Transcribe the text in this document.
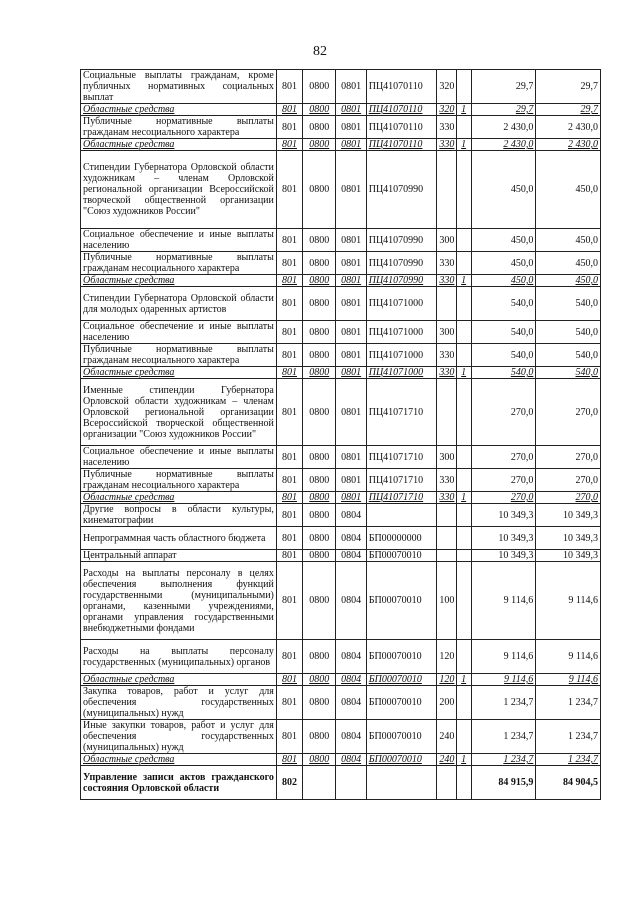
82
Социальные выплаты гражданам, кроме публичных нормативных социальных выплат	801	0800	0801	ПЦ41070110	320		29,7	29,7
Областные средства	801	0800	0801	ПЦ41070110	320	1	29,7	29,7
Публичные нормативные выплаты гражданам несоциального характера	801	0800	0801	ПЦ41070110	330		2 430,0	2 430,0
Областные средства	801	0800	0801	ПЦ41070110	330	1	2 430,0	2 430,0
Стипендии Губернатора Орловской области художникам – членам Орловской региональной организации Всероссийской творческой общественной организации "Союз художников России"	801	0800	0801	ПЦ41070990			450,0	450,0
Социальное обеспечение и иные выплаты населению	801	0800	0801	ПЦ41070990	300		450,0	450,0
Публичные нормативные выплаты гражданам несоциального характера	801	0800	0801	ПЦ41070990	330		450,0	450,0
Областные средства	801	0800	0801	ПЦ41070990	330	1	450,0	450,0
Стипендии Губернатора Орловской области для молодых одаренных артистов	801	0800	0801	ПЦ41071000			540,0	540,0
Социальное обеспечение и иные выплаты населению	801	0800	0801	ПЦ41071000	300		540,0	540,0
Публичные нормативные выплаты гражданам несоциального характера	801	0800	0801	ПЦ41071000	330		540,0	540,0
Областные средства	801	0800	0801	ПЦ41071000	330	1	540,0	540,0
Именные стипендии Губернатора Орловской области художникам – членам Орловской региональной организации Всероссийской творческой общественной организации "Союз художников России"	801	0800	0801	ПЦ41071710			270,0	270,0
Социальное обеспечение и иные выплаты населению	801	0800	0801	ПЦ41071710	300		270,0	270,0
Публичные нормативные выплаты гражданам несоциального характера	801	0800	0801	ПЦ41071710	330		270,0	270,0
Областные средства	801	0800	0801	ПЦ41071710	330	1	270,0	270,0
Другие вопросы в области культуры, кинематографии	801	0800	0804				10 349,3	10 349,3
Непрограммная часть областного бюджета	801	0800	0804	БП00000000			10 349,3	10 349,3
Центральный аппарат	801	0800	0804	БП00070010			10 349,3	10 349,3
Расходы на выплаты персоналу в целях обеспечения выполнения функций государственными (муниципальными) органами, казенными учреждениями, органами управления государственными внебюджетными фондами	801	0800	0804	БП00070010	100		9 114,6	9 114,6
Расходы на выплаты персоналу государственных (муниципальных) органов	801	0800	0804	БП00070010	120		9 114,6	9 114,6
Областные средства	801	0800	0804	БП00070010	120	1	9 114,6	9 114,6
Закупка товаров, работ и услуг для обеспечения государственных (муниципальных) нужд	801	0800	0804	БП00070010	200		1 234,7	1 234,7
Иные закупки товаров, работ и услуг для обеспечения государственных (муниципальных) нужд	801	0800	0804	БП00070010	240		1 234,7	1 234,7
Областные средства	801	0800	0804	БП00070010	240	1	1 234,7	1 234,7
Управление записи актов гражданского состояния Орловской области	802						84 915,9	84 904,5
